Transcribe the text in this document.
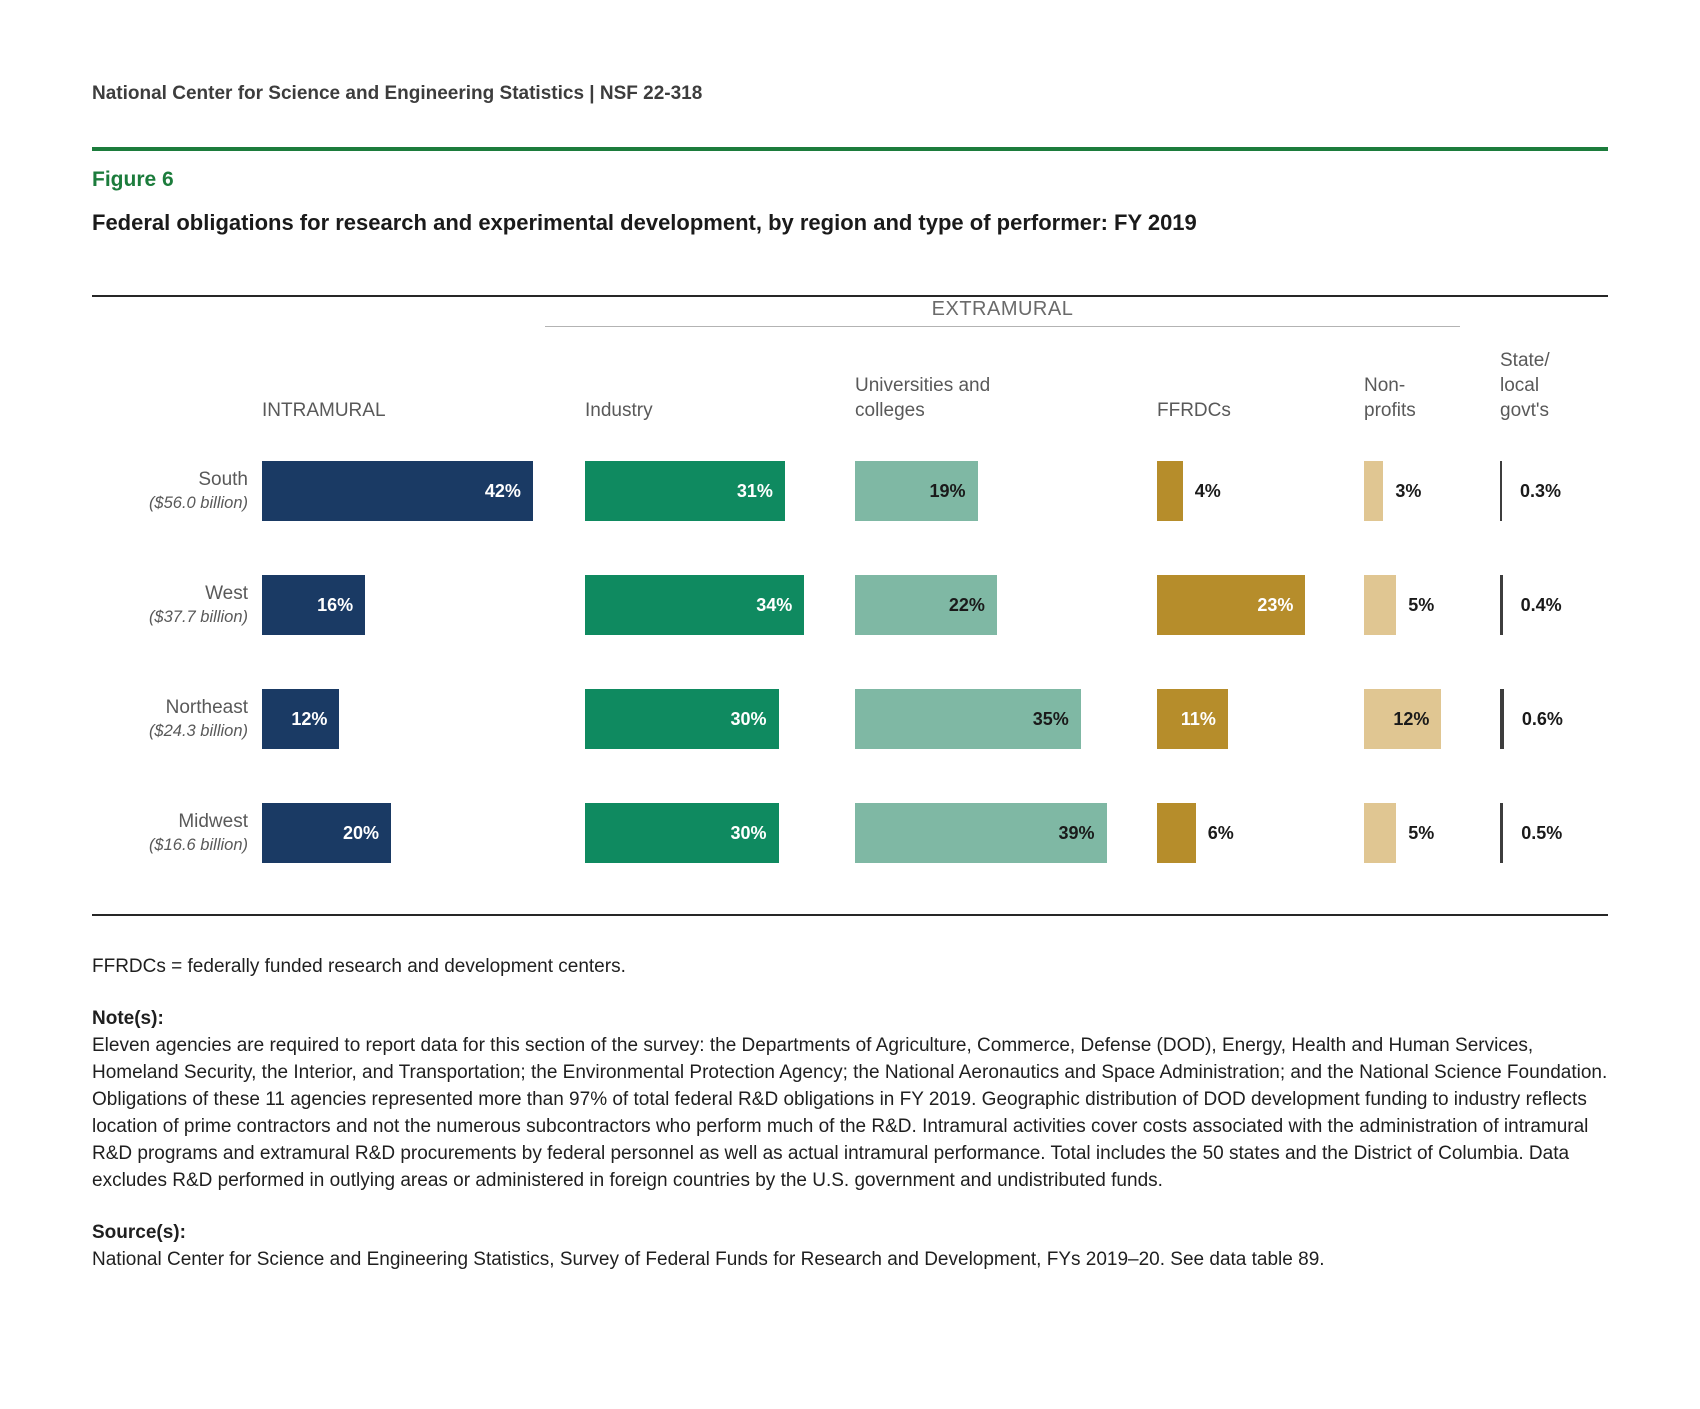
National Center for Science and Engineering Statistics | NSF 22-318
Figure 6
Federal obligations for research and experimental development, by region and type of performer: FY 2019
EXTRAMURAL
INTRAMURAL	Industry
Universities and colleges	FFRDCs
Non-profits
State/ local govt's
South
($56.0 billion)
42%	31%	19%	4%	3%	0.3%
West
($37.7 billion)
16%	34%	22%	23%	5%	0.4%
Northeast
($24.3 billion)
12%	30%	35%	11%	12%	0.6%
Midwest
($16.6 billion)
20%	30%	39%	6%	5%	0.5%
FFRDCs = federally funded research and development centers.
Note(s):
Eleven agencies are required to report data for this section of the survey: the Departments of Agriculture, Commerce, Defense (DOD), Energy, Health and Human Services, Homeland Security, the Interior, and Transportation; the Environmental Protection Agency; the National Aeronautics and Space Administration; and the National Science Foundation. Obligations of these 11 agencies represented more than 97% of total federal R&D obligations in FY 2019. Geographic distribution of DOD development funding to industry reflects location of prime contractors and not the numerous subcontractors who perform much of the R&D. Intramural activities cover costs associated with the administration of intramural R&D programs and extramural R&D procurements by federal personnel as well as actual intramural performance. Total includes the 50 states and the District of Columbia. Data excludes R&D performed in outlying areas or administered in foreign countries by the U.S. government and undistributed funds.
Source(s):
National Center for Science and Engineering Statistics, Survey of Federal Funds for Research and Development, FYs 2019–20. See data table 89.
